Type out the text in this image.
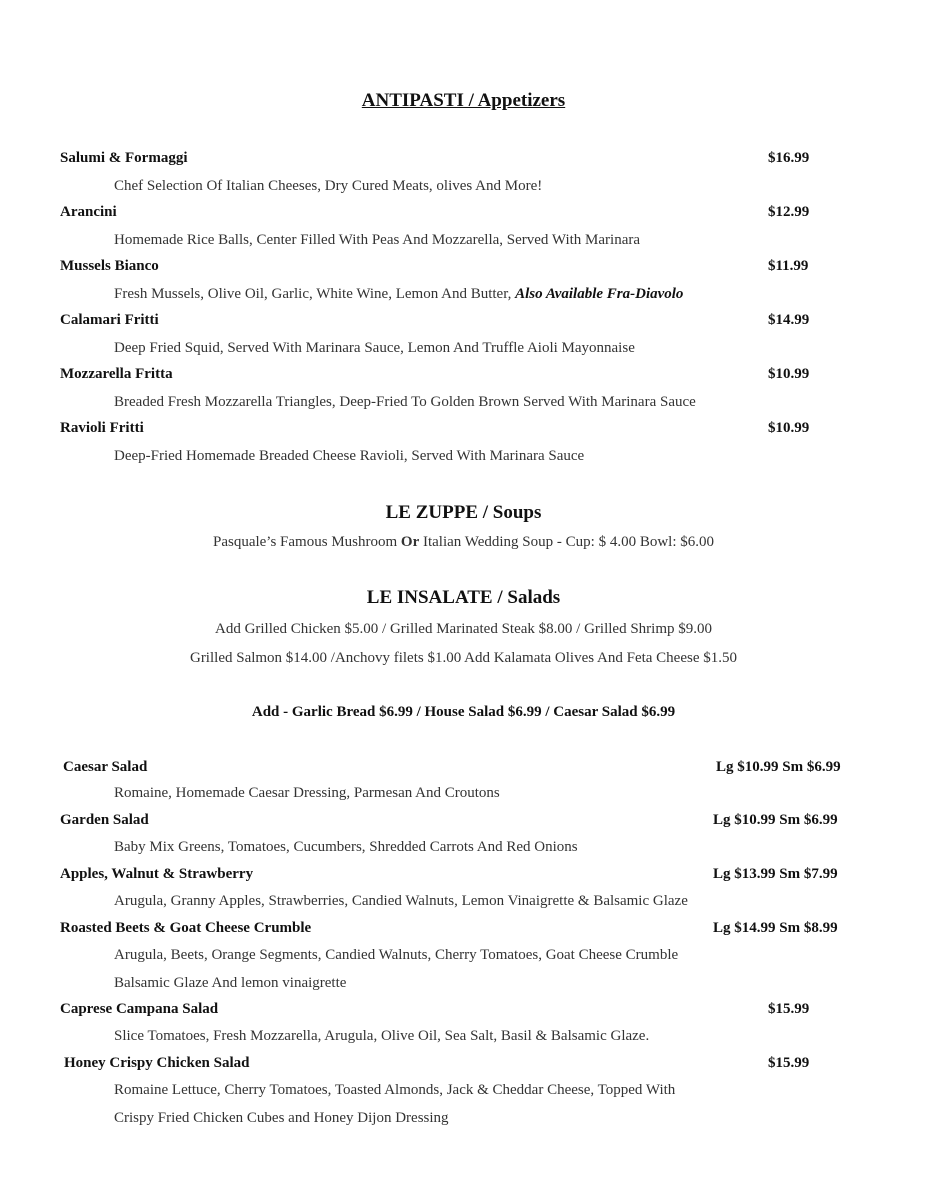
ANTIPASTI / Appetizers
Salumi & Formaggi	$16.99
Chef Selection Of Italian Cheeses, Dry Cured Meats, olives And More!
Arancini	$12.99
Homemade Rice Balls, Center Filled With Peas And Mozzarella, Served With Marinara
Mussels Bianco	$11.99
Fresh Mussels, Olive Oil, Garlic, White Wine, Lemon And Butter, Also Available Fra-Diavolo
Calamari Fritti	$14.99
Deep Fried Squid, Served With Marinara Sauce, Lemon And Truffle Aioli Mayonnaise
Mozzarella Fritta	$10.99
Breaded Fresh Mozzarella Triangles, Deep-Fried To Golden Brown Served With Marinara Sauce
Ravioli Fritti	$10.99
Deep-Fried Homemade Breaded Cheese Ravioli, Served With Marinara Sauce
LE ZUPPE / Soups
Pasquale’s Famous Mushroom Or Italian Wedding Soup - Cup: $ 4.00 Bowl: $6.00
LE INSALATE / Salads
Add Grilled Chicken $5.00 / Grilled Marinated Steak $8.00 / Grilled Shrimp $9.00
Grilled Salmon $14.00 /Anchovy filets $1.00 Add Kalamata Olives And Feta Cheese $1.50
Add - Garlic Bread $6.99 / House Salad $6.99 / Caesar Salad $6.99
Caesar Salad	Lg $10.99 Sm $6.99
Romaine, Homemade Caesar Dressing, Parmesan And Croutons
Garden Salad	Lg $10.99 Sm $6.99
Baby Mix Greens, Tomatoes, Cucumbers, Shredded Carrots And Red Onions
Apples, Walnut & Strawberry	Lg $13.99 Sm $7.99
Arugula, Granny Apples, Strawberries, Candied Walnuts, Lemon Vinaigrette & Balsamic Glaze
Roasted Beets & Goat Cheese Crumble	Lg $14.99 Sm $8.99
Arugula, Beets, Orange Segments, Candied Walnuts, Cherry Tomatoes, Goat Cheese Crumble
Balsamic Glaze And lemon vinaigrette
Caprese Campana Salad	$15.99
Slice Tomatoes, Fresh Mozzarella, Arugula, Olive Oil, Sea Salt, Basil & Balsamic Glaze.
Honey Crispy Chicken Salad	$15.99
Romaine Lettuce, Cherry Tomatoes, Toasted Almonds, Jack & Cheddar Cheese, Topped With
Crispy Fried Chicken Cubes and Honey Dijon Dressing
